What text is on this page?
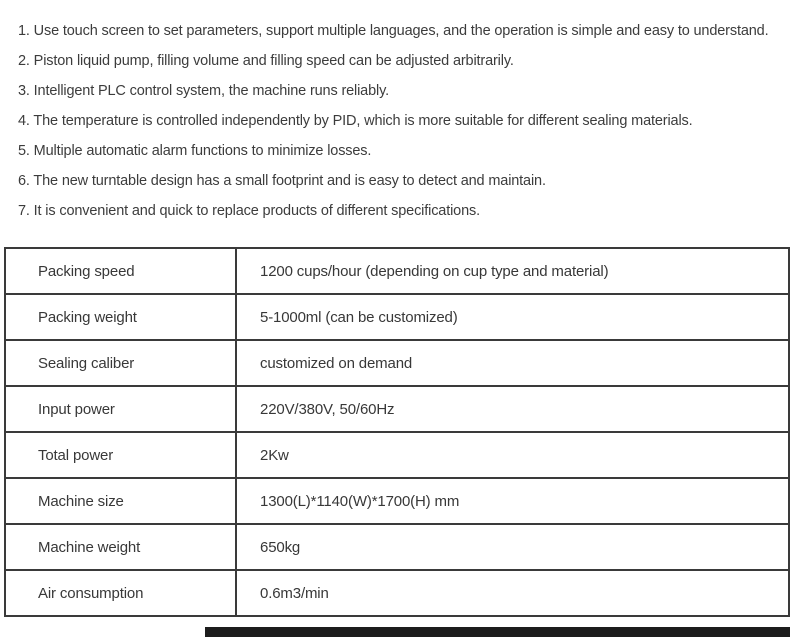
1. Use touch screen to set parameters, support multiple languages, and the operation is simple and easy to understand.

2. Piston liquid pump, filling volume and filling speed can be adjusted arbitrarily.

3. Intelligent PLC control system, the machine runs reliably.

4. The temperature is controlled independently by PID, which is more suitable for different sealing materials.

5. Multiple automatic alarm functions to minimize losses.

6. The new turntable design has a small footprint and is easy to detect and maintain.

7. It is convenient and quick to replace products of different specifications.

Packing speed	1200 cups/hour (depending on cup type and material)
Packing weight	5-1000ml (can be customized)
Sealing caliber	customized on demand
Input power	220V/380V, 50/60Hz
Total power	2Kw
Machine size	1300(L)*1140(W)*1700(H) mm
Machine weight	650kg
Air consumption	0.6m3/min
